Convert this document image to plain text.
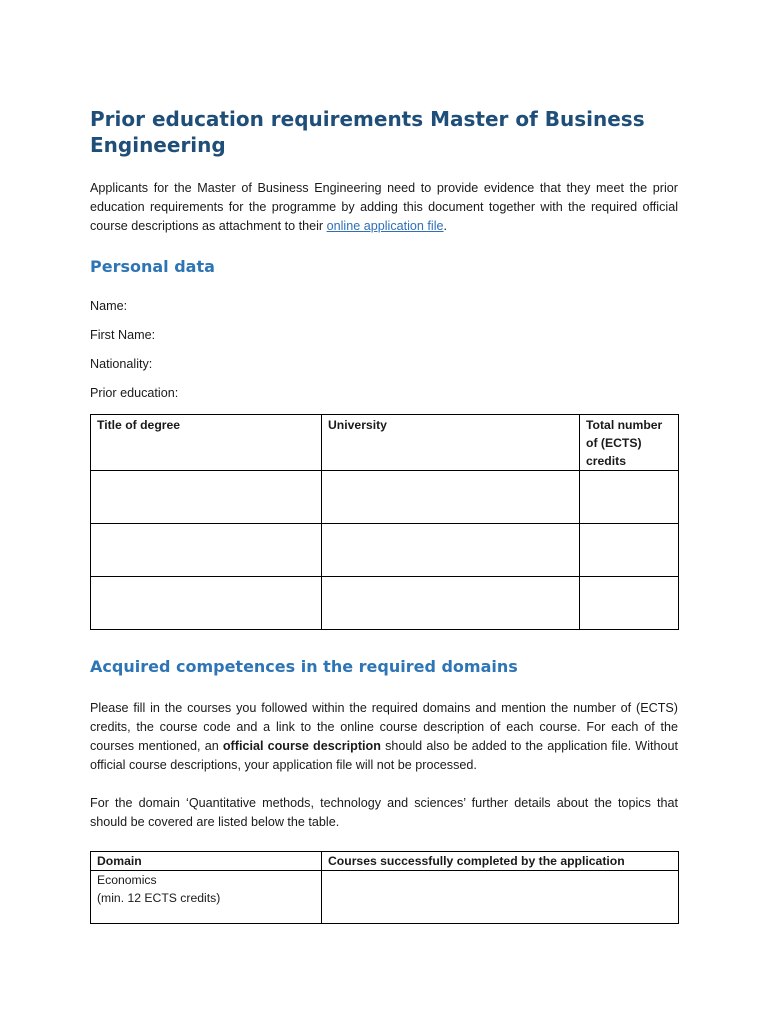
Prior education requirements Master of Business Engineering

Applicants for the Master of Business Engineering need to provide evidence that they meet the prior education requirements for the programme by adding this document together with the required official course descriptions as attachment to their online application file.

Personal data

Name:

First Name:

Nationality:

Prior education:

Title of degree	University	Total number of (ECTS) credits

Acquired competences in the required domains

Please fill in the courses you followed within the required domains and mention the number of (ECTS) credits, the course code and a link to the online course description of each course. For each of the courses mentioned, an official course description should also be added to the application file. Without official course descriptions, your application file will not be processed.

For the domain ‘Quantitative methods, technology and sciences’ further details about the topics that should be covered are listed below the table.

Domain	Courses successfully completed by the application

Economics
(min. 12 ECTS credits)	
